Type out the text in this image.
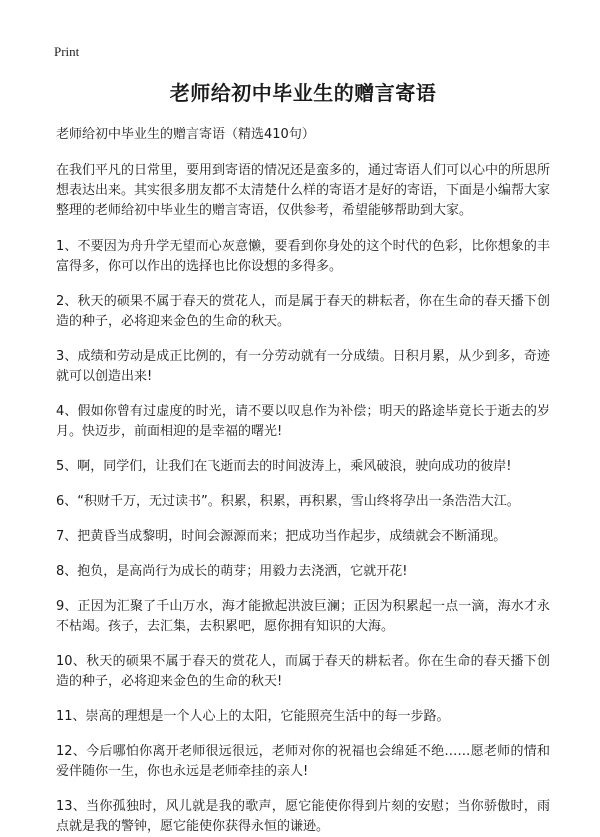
Print
老师给初中毕业生的赠言寄语
老师给初中毕业生的赠言寄语（精选410句）

在我们平凡的日常里，要用到寄语的情况还是蛮多的，通过寄语人们可以心中的所思所想表达出来。其实很多朋友都不太清楚什么样的寄语才是好的寄语，下面是小编帮大家整理的老师给初中毕业生的赠言寄语，仅供参考，希望能够帮助到大家。

1、不要因为舟升学无望而心灰意懒，要看到你身处的这个时代的色彩，比你想象的丰富得多，你可以作出的选择也比你设想的多得多。

2、秋天的硕果不属于春天的赏花人，而是属于春天的耕耘者，你在生命的春天播下创造的种子，必将迎来金色的生命的秋天。

3、成绩和劳动是成正比例的，有一分劳动就有一分成绩。日积月累，从少到多，奇迹就可以创造出来!

4、假如你曾有过虚度的时光，请不要以叹息作为补偿；明天的路途毕竟长于逝去的岁月。快迈步，前面相迎的是幸福的曙光!

5、啊，同学们，让我们在飞逝而去的时间波涛上，乘风破浪，驶向成功的彼岸!

6、“积财千万，无过读书”。积累，积累，再积累，雪山终将孕出一条浩浩大江。

7、把黄昏当成黎明，时间会源源而来；把成功当作起步，成绩就会不断涌现。

8、抱负，是高尚行为成长的萌芽；用毅力去浇洒，它就开花!

9、正因为汇聚了千山万水，海才能掀起洪波巨澜；正因为积累起一点一滴，海水才永不枯竭。孩子，去汇集，去积累吧，愿你拥有知识的大海。

10、秋天的硕果不属于春天的赏花人，而属于春天的耕耘者。你在生命的春天播下创造的种子，必将迎来金色的生命的秋天!

11、崇高的理想是一个人心上的太阳，它能照亮生活中的每一步路。

12、今后哪怕你离开老师很远很远，老师对你的祝福也会绵延不绝……愿老师的情和爱伴随你一生，你也永远是老师牵挂的亲人!

13、当你孤独时，风儿就是我的歌声，愿它能使你得到片刻的安慰；当你骄傲时，雨点就是我的警钟，愿它能使你获得永恒的谦逊。
